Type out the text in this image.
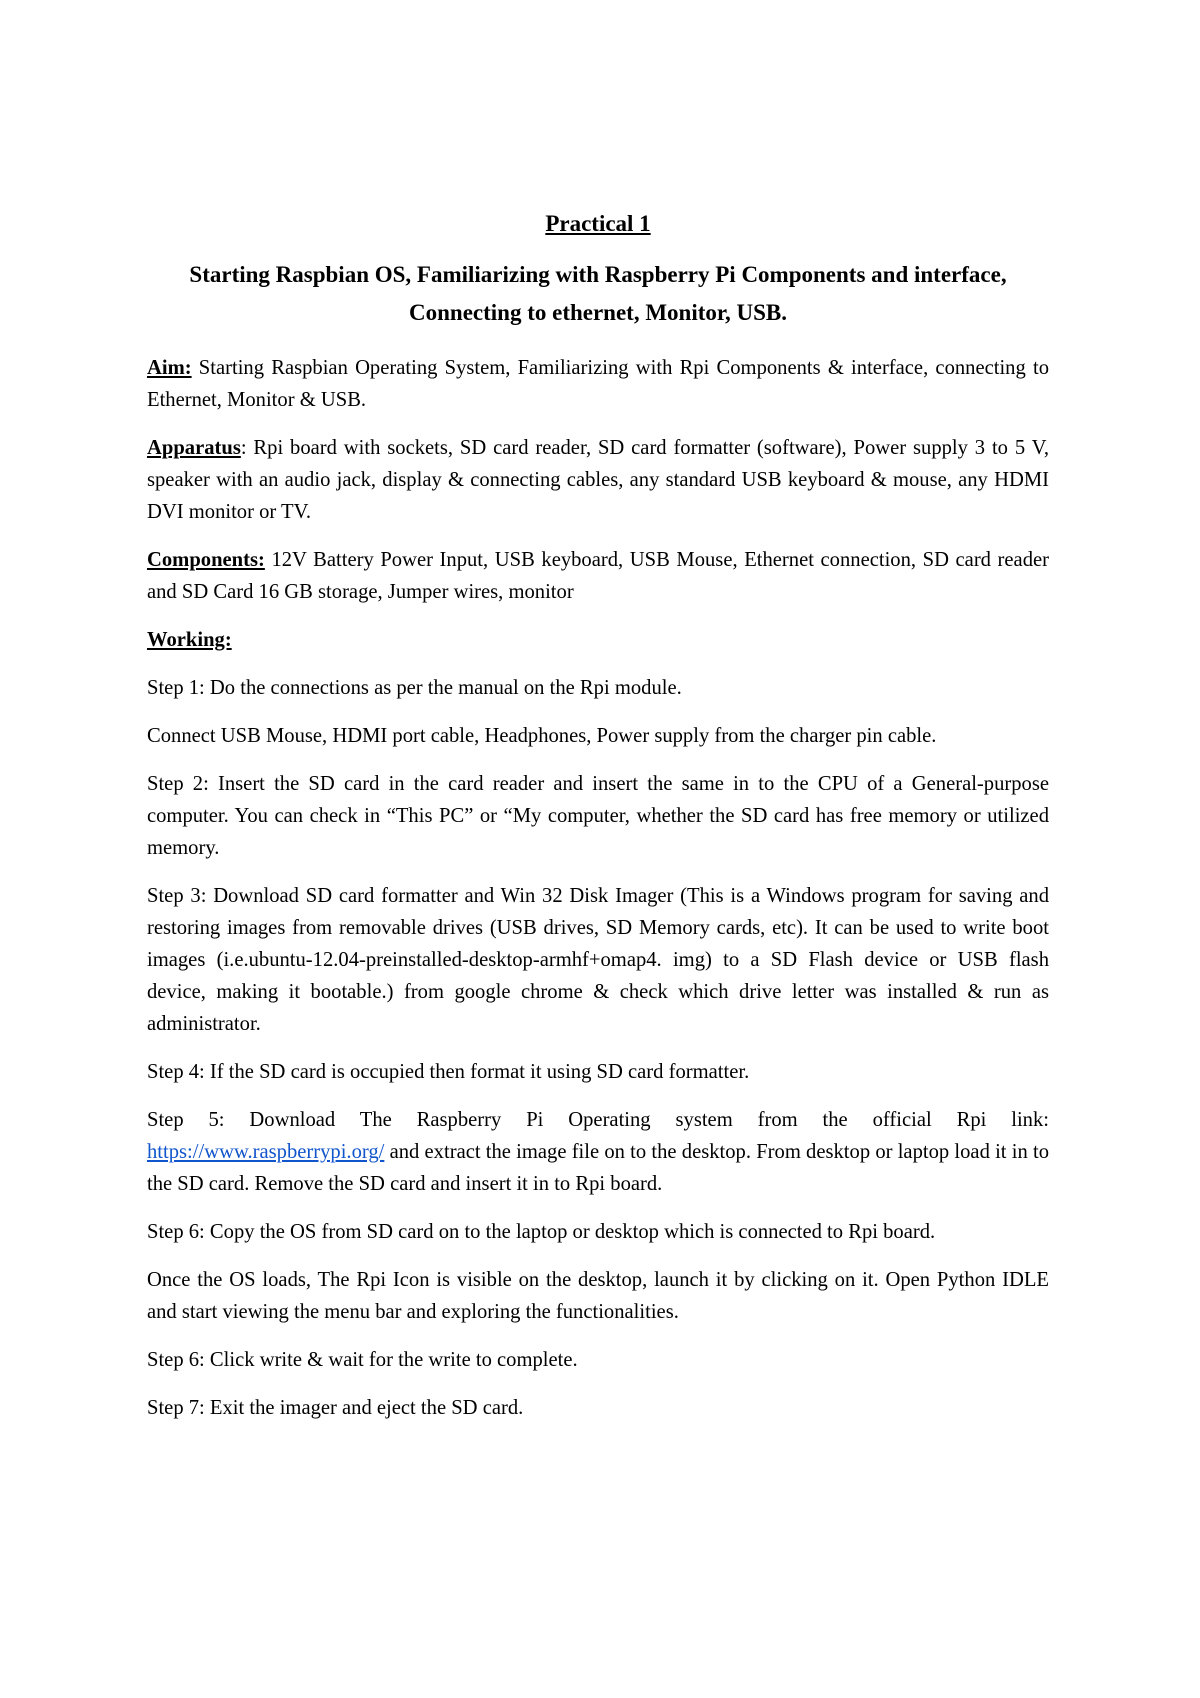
Practical 1
Starting Raspbian OS, Familiarizing with Raspberry Pi Components and interface, Connecting to ethernet, Monitor, USB.

Aim: Starting Raspbian Operating System, Familiarizing with Rpi Components & interface, connecting to Ethernet, Monitor & USB.

Apparatus: Rpi board with sockets, SD card reader, SD card formatter (software), Power supply 3 to 5 V, speaker with an audio jack, display & connecting cables, any standard USB keyboard & mouse, any HDMI DVI monitor or TV.

Components: 12V Battery Power Input, USB keyboard, USB Mouse, Ethernet connection, SD card reader and SD Card 16 GB storage, Jumper wires, monitor

Working:

Step 1: Do the connections as per the manual on the Rpi module.

Connect USB Mouse, HDMI port cable, Headphones, Power supply from the charger pin cable.

Step 2: Insert the SD card in the card reader and insert the same in to the CPU of a General-purpose computer. You can check in “This PC” or “My computer, whether the SD card has free memory or utilized memory.

Step 3: Download SD card formatter and Win 32 Disk Imager (This is a Windows program for saving and restoring images from removable drives (USB drives, SD Memory cards, etc). It can be used to write boot images (i.e.ubuntu-12.04-preinstalled-desktop-armhf+omap4. img) to a SD Flash device or USB flash device, making it bootable.) from google chrome & check which drive letter was installed & run as administrator.

Step 4: If the SD card is occupied then format it using SD card formatter.

Step 5: Download The Raspberry Pi Operating system from the official Rpi link: https://www.raspberrypi.org/ and extract the image file on to the desktop. From desktop or laptop load it in to the SD card. Remove the SD card and insert it in to Rpi board.

Step 6: Copy the OS from SD card on to the laptop or desktop which is connected to Rpi board.

Once the OS loads, The Rpi Icon is visible on the desktop, launch it by clicking on it. Open Python IDLE and start viewing the menu bar and exploring the functionalities.

Step 6: Click write & wait for the write to complete.

Step 7: Exit the imager and eject the SD card.
